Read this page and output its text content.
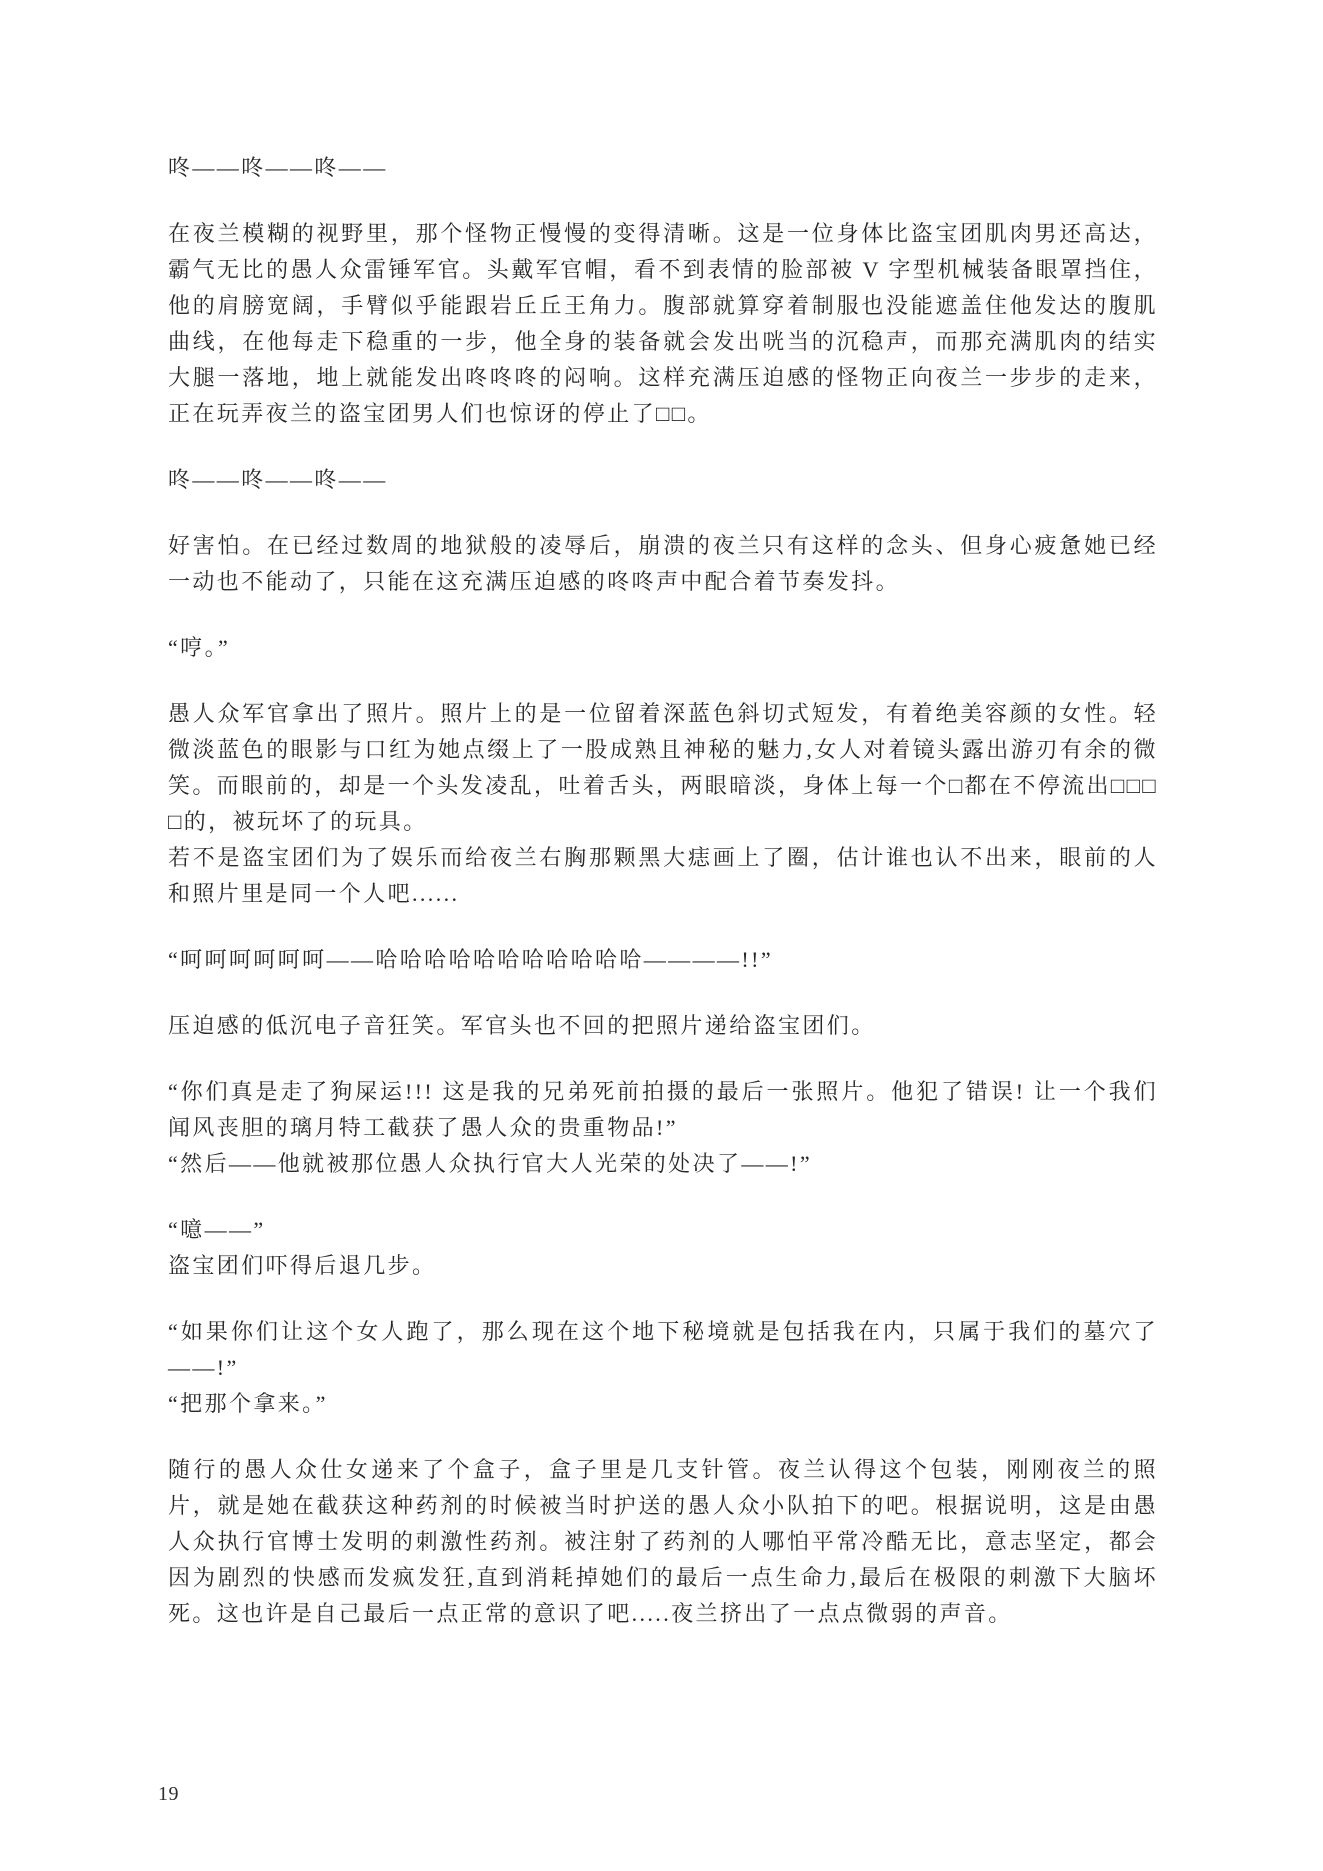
咚——咚——咚——

在夜兰模糊的视野里，那个怪物正慢慢的变得清晰。这是一位身体比盗宝团肌肉男还高达，霸气无比的愚人众雷锤军官。头戴军官帽，看不到表情的脸部被 V 字型机械装备眼罩挡住，他的肩膀宽阔，手臂似乎能跟岩丘丘王角力。腹部就算穿着制服也没能遮盖住他发达的腹肌曲线，在他每走下稳重的一步，他全身的装备就会发出咣当的沉稳声，而那充满肌肉的结实大腿一落地，地上就能发出咚咚咚的闷响。这样充满压迫感的怪物正向夜兰一步步的走来，正在玩弄夜兰的盗宝团男人们也惊讶的停止了□□。

咚——咚——咚——

好害怕。在已经过数周的地狱般的凌辱后，崩溃的夜兰只有这样的念头、但身心疲惫她已经一动也不能动了，只能在这充满压迫感的咚咚声中配合着节奏发抖。

“哼。”

愚人众军官拿出了照片。照片上的是一位留着深蓝色斜切式短发，有着绝美容颜的女性。轻微淡蓝色的眼影与口红为她点缀上了一股成熟且神秘的魅力,女人对着镜头露出游刃有余的微笑。而眼前的，却是一个头发凌乱，吐着舌头，两眼暗淡，身体上每一个□都在不停流出□□□□的，被玩坏了的玩具。

若不是盗宝团们为了娱乐而给夜兰右胸那颗黑大痣画上了圈，估计谁也认不出来，眼前的人和照片里是同一个人吧......

“呵呵呵呵呵呵——哈哈哈哈哈哈哈哈哈哈哈————!!”

压迫感的低沉电子音狂笑。军官头也不回的把照片递给盗宝团们。

“你们真是走了狗屎运!!! 这是我的兄弟死前拍摄的最后一张照片。他犯了错误! 让一个我们闻风丧胆的璃月特工截获了愚人众的贵重物品!”

“然后——他就被那位愚人众执行官大人光荣的处决了——!”

“噫——”

盗宝团们吓得后退几步。

“如果你们让这个女人跑了，那么现在这个地下秘境就是包括我在内，只属于我们的墓穴了——!”

“把那个拿来。”

随行的愚人众仕女递来了个盒子，盒子里是几支针管。夜兰认得这个包装，刚刚夜兰的照片，就是她在截获这种药剂的时候被当时护送的愚人众小队拍下的吧。根据说明，这是由愚人众执行官博士发明的刺激性药剂。被注射了药剂的人哪怕平常冷酷无比，意志坚定，都会因为剧烈的快感而发疯发狂,直到消耗掉她们的最后一点生命力,最后在极限的刺激下大脑坏死。这也许是自己最后一点正常的意识了吧.....夜兰挤出了一点点微弱的声音。

19
